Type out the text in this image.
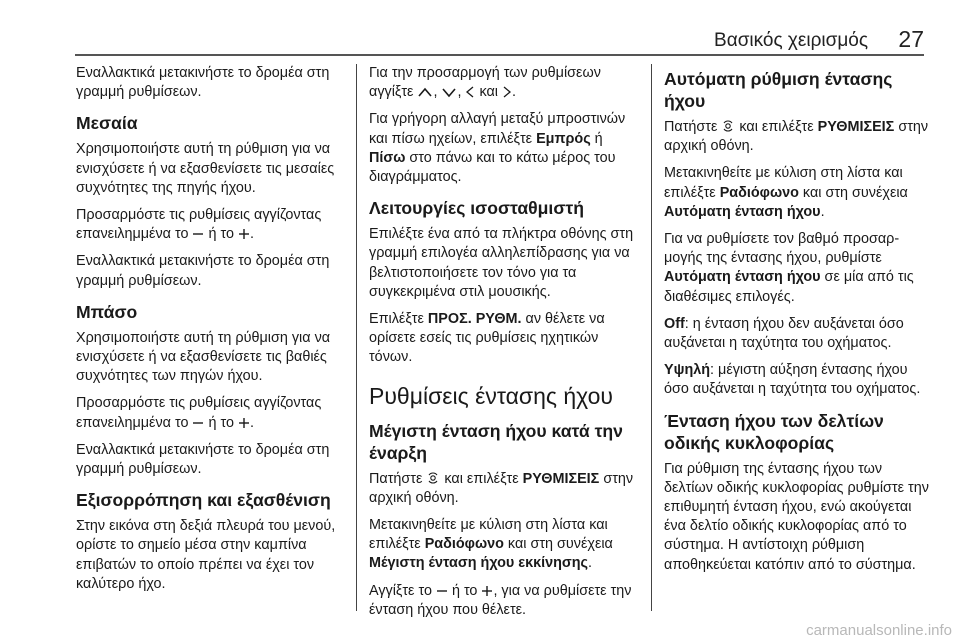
Βασικός χειρισμός 27

Εναλλακτικά μετακινήστε το δρομέα στη γραμμή ρυθμίσεων.

Μεσαία

Χρησιμοποιήστε αυτή τη ρύθμιση για να ενισχύσετε ή να εξασθενίσετε τις μεσαίες συχνότητες της πηγής ήχου.

Προσαρμόστε τις ρυθμίσεις αγγίζοντας επανειλημμένα το  ή το .

Εναλλακτικά μετακινήστε το δρομέα στη γραμμή ρυθμίσεων.

Μπάσο

Χρησιμοποιήστε αυτή τη ρύθμιση για να ενισχύσετε ή να εξασθενίσετε τις βαθιές συχνότητες των πηγών ήχου.

Προσαρμόστε τις ρυθμίσεις αγγίζοντας επανειλημμένα το  ή το .

Εναλλακτικά μετακινήστε το δρομέα στη γραμμή ρυθμίσεων.

Εξισορρόπηση και εξασθένιση

Στην εικόνα στη δεξιά πλευρά του μενού, ορίστε το σημείο μέσα στην καμπίνα επιβατών το οποίο πρέπει να έχει τον καλύτερο ήχο.

Για την προσαρμογή των ρυθμίσεων αγγίξτε , ,  και .

Για γρήγορη αλλαγή μεταξύ μπροστινών και πίσω ηχείων, επιλέξτε Εμπρός ή Πίσω στο πάνω και το κάτω μέρος του διαγράμματος.

Λειτουργίες ισοσταθμιστή

Επιλέξτε ένα από τα πλήκτρα οθόνης στη γραμμή επιλογέα αλληλεπίδρασης για να βελτιστοποιήσετε τον τόνο για τα συγκεκριμένα στιλ μουσικής.

Επιλέξτε ΠΡΟΣ. ΡΥΘΜ. αν θέλετε να ορίσετε εσείς τις ρυθμίσεις ηχητικών τόνων.

Ρυθμίσεις έντασης ήχου
Μέγιστη ένταση ήχου κατά την έναρξη

Πατήστε  και επιλέξτε ΡΥΘΜΙΣΕΙΣ στην αρχική οθόνη.

Μετακινηθείτε με κύλιση στη λίστα και επιλέξτε Ραδιόφωνο και στη συνέχεια Μέγιστη ένταση ήχου εκκίνησης.

Αγγίξτε το  ή το , για να ρυθμίσετε την ένταση ήχου που θέλετε.

Αυτόματη ρύθμιση έντασης ήχου

Πατήστε  και επιλέξτε ΡΥΘΜΙΣΕΙΣ στην αρχική οθόνη.

Μετακινηθείτε με κύλιση στη λίστα και επιλέξτε Ραδιόφωνο και στη συνέχεια Αυτόματη ένταση ήχου.

Για να ρυθμίσετε τον βαθμό προσαρμογής της έντασης ήχου, ρυθμίστε Αυτόματη ένταση ήχου σε μία από τις διαθέσιμες επιλογές.

Off: η ένταση ήχου δεν αυξάνεται όσο αυξάνεται η ταχύτητα του οχήματος.

Υψηλή: μέγιστη αύξηση έντασης ήχου όσο αυξάνεται η ταχύτητα του οχήματος.

Ένταση ήχου των δελτίων οδικής κυκλοφορίας

Για ρύθμιση της έντασης ήχου των δελτίων οδικής κυκλοφορίας ρυθμίστε την επιθυμητή ένταση ήχου, ενώ ακούγεται ένα δελτίο οδικής κυκλοφορίας από το σύστημα. Η αντίστοιχη ρύθμιση αποθηκεύεται κατόπιν από το σύστημα.

carmanualsonline.info
